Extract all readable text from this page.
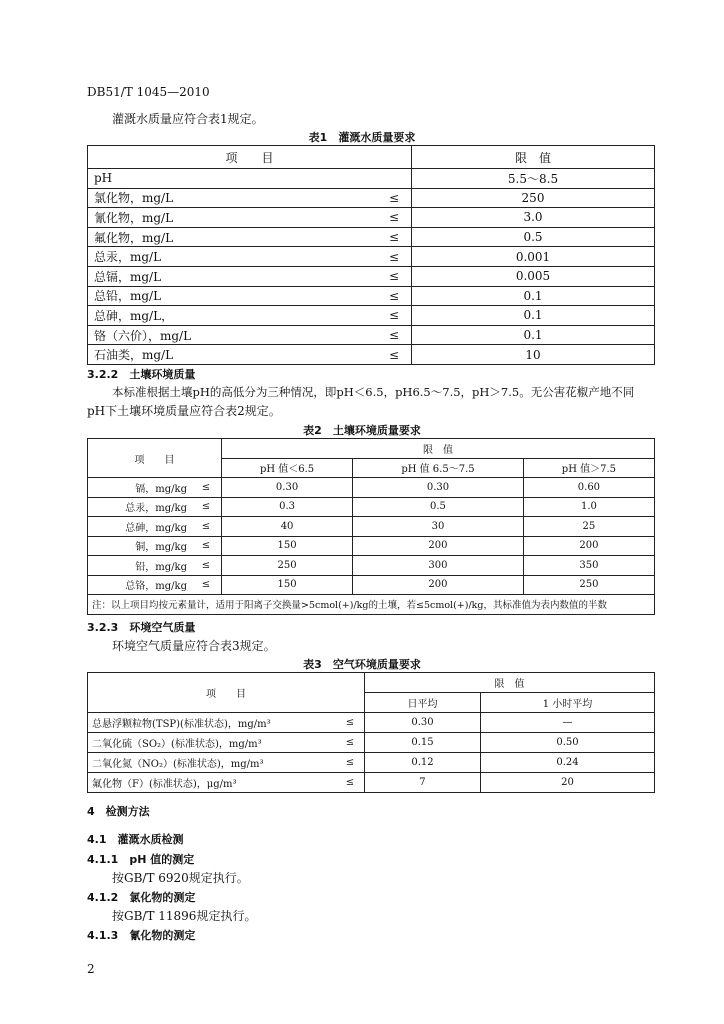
DB51/T 1045—2010
灌溉水质量应符合表1规定。
表1　灌溉水质量要求
项　　目		限　值
pH		5.5～8.5
氯化物，mg/L	≤	250
氰化物，mg/L	≤	3.0
氟化物，mg/L	≤	0.5
总汞，mg/L	≤	0.001
总镉，mg/L	≤	0.005
总铅，mg/L	≤	0.1
总砷，mg/L，	≤	0.1
铬（六价），mg/L	≤	0.1
石油类，mg/L	≤	10
3.2.2　土壤环境质量
本标准根据土壤pH的高低分为三种情况，即pH＜6.5，pH6.5～7.5，pH＞7.5。无公害花椒产地不同
pH下土壤环境质量应符合表2规定。
表2　土壤环境质量要求
项　　目		限　值		
		pH 值＜6.5	pH 值 6.5～7.5	pH 值＞7.5
镉，mg/kg	≤	0.30	0.30	0.60
总汞，mg/kg	≤	0.3	0.5	1.0
总砷，mg/kg	≤	40	30	25
铜，mg/kg	≤	150	200	200
铅，mg/kg	≤	250	300	350
总铬，mg/kg	≤	150	200	250
注：以上项目均按元素量计，适用于阳离子交换量>5cmol(+)/kg的土壤，若≤5cmol(+)/kg，其标准值为表内数值的半数				
3.2.3　环境空气质量
环境空气质量应符合表3规定。
表3　空气环境质量要求
项　　目		限　值	
		日平均	1 小时平均
总悬浮颗粒物(TSP)(标准状态)，mg/m³	≤	0.30	—
二氧化硫（SO₂）(标准状态)，mg/m³	≤	0.15	0.50
二氧化氮（NO₂）(标准状态)，mg/m³	≤	0.12	0.24
氟化物（F）(标准状态)，μg/m³	≤	7	20
4　检测方法
4.1　灌溉水质检测
4.1.1　pH 值的测定
按GB/T 6920规定执行。
4.1.2　氯化物的测定
按GB/T 11896规定执行。
4.1.3　氰化物的测定
2
